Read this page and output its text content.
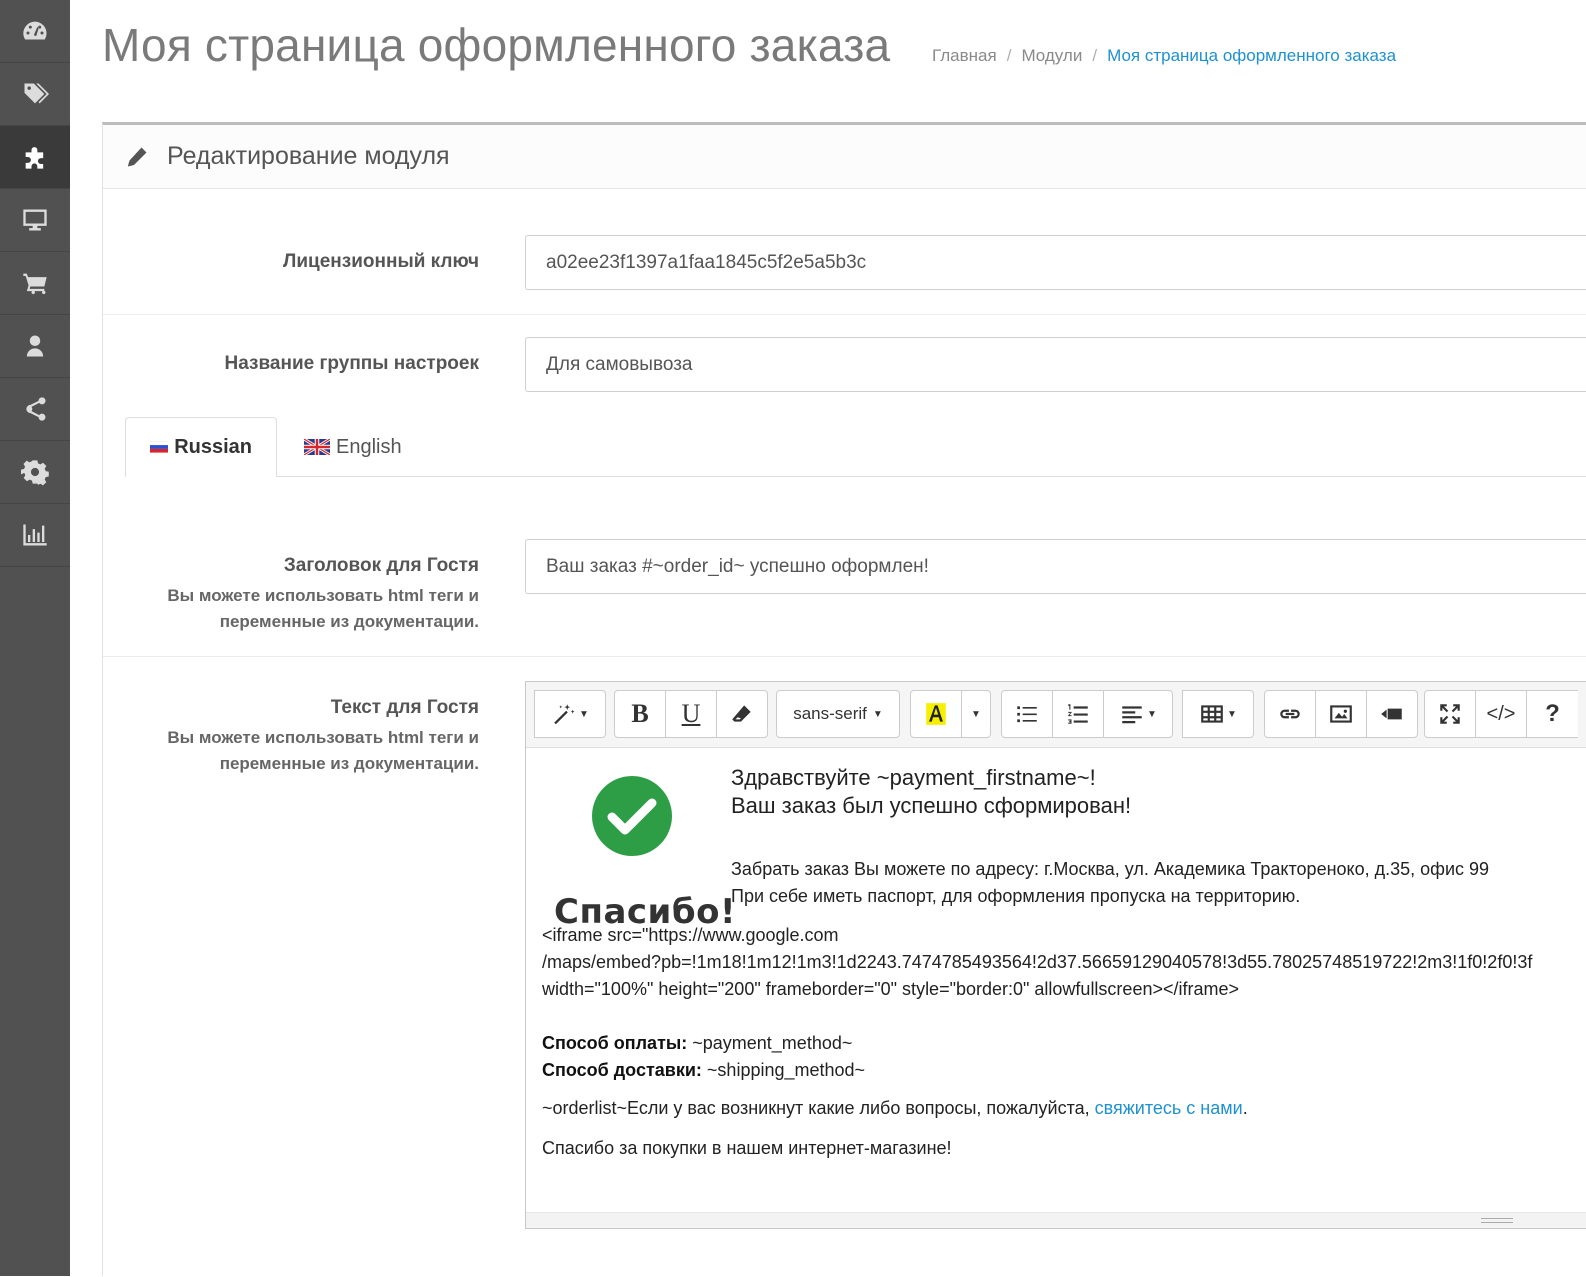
Моя страница оформленного заказа Главная / Модули / Моя страница оформленного заказа
Редактирование модуля
Лицензионный ключ	a02ee23f1397a1faa1845c5f2e5a5b3c
Название группы настроек	Для самовывоза
Russian	English
Заголовок для Гостя
Вы можете использовать html теги и переменные из документации.
Ваш заказ #~order_id~ успешно оформлен!
Текст для Гостя
Вы можете использовать html теги и переменные из документации.
▼	B	U	sans-serif ▼	▼	▼	▼	</> ?
Спасибо!
Здравствуйте ~payment_firstname~!
Ваш заказ был успешно сформирован!
Забрать заказ Вы можете по адресу: г.Москва, ул. Академика Трактореноко, д.35, офис 99
При себе иметь паспорт, для оформления пропуска на территорию.
<iframe src="https://www.google.com
/maps/embed?pb=!1m18!1m12!1m3!1d2243.7474785493564!2d37.56659129040578!3d55.78025748519722!2m3!1f0!2f0!3f
width="100%" height="200" frameborder="0" style="border:0" allowfullscreen></iframe>
Способ оплаты: ~payment_method~
Способ доставки: ~shipping_method~
~orderlist~Если у вас возникнут какие либо вопросы, пожалуйста, свяжитесь с нами.
Спасибо за покупки в нашем интернет-магазине!
